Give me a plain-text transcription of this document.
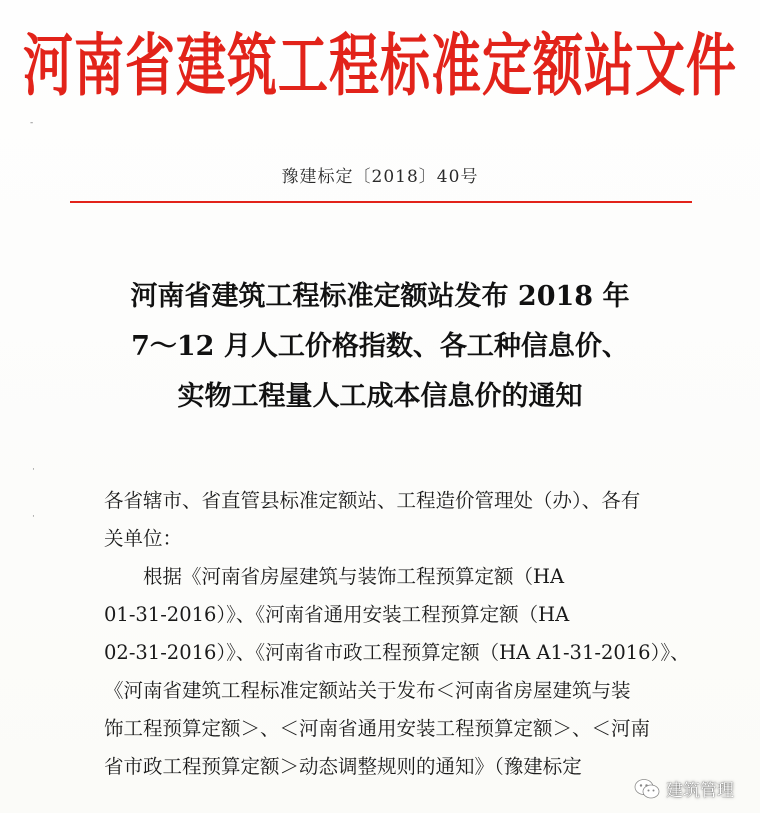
河南省建筑工程标准定额站文件
-
·
·
豫建标定〔2018〕40号
河南省建筑工程标准定额站发布 2018 年
7～12 月人工价格指数、各工种信息价、
实物工程量人工成本信息价的通知

各省辖市、省直管县标准定额站、工程造价管理处（办）、各有
关单位：

根据《河南省房屋建筑与装饰工程预算定额（HA
01-31-2016）》、《河南省通用安装工程预算定额（HA
02-31-2016）》、《河南省市政工程预算定额（HA A1-31-2016）》、
《河南省建筑工程标准定额站关于发布＜河南省房屋建筑与装
饰工程预算定额＞、＜河南省通用安装工程预算定额＞、＜河南
省市政工程预算定额＞动态调整规则的通知》（豫建标定

建筑管理
